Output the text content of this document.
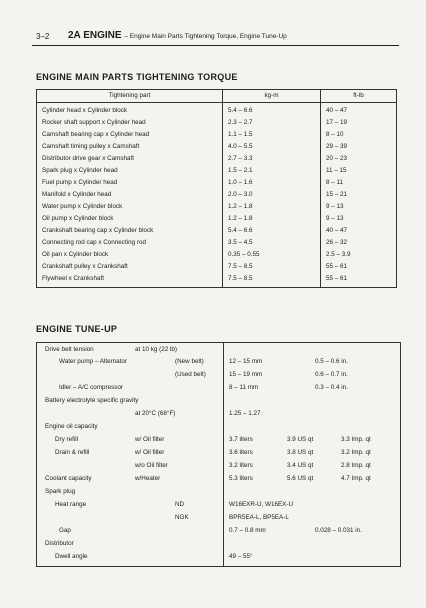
3–2 2A ENGINE – Engine Main Parts Tightening Torque, Engine Tune-Up
ENGINE MAIN PARTS TIGHTENING TORQUE
Tightening part	kg-m	ft-lb
Cylinder head x Cylinder block	5.4 – 6.6	40 – 47
Rocker shaft support x Cylinder head	2.3 – 2.7	17 – 19
Camshaft bearing cap x Cylinder head	1.1 – 1.5	8 – 10
Camshaft timing pulley x Camshaft	4.0 – 5.5	29 – 39
Distributor drive gear x Camshaft	2.7 – 3.3	20 – 23
Spark plug x Cylinder head	1.5 – 2.1	11 – 15
Fuel pump x Cylinder head	1.0 – 1.6	8 – 11
Manifold x Cylinder head	2.0 – 3.0	15 – 21
Water pump x Cylinder block	1.2 – 1.8	9 – 13
Oil pump x Cylinder block	1.2 – 1.8	9 – 13
Crankshaft bearing cap x Cylinder block	5.4 – 6.6	40 – 47
Connecting rod cap x Connecting rod	3.5 – 4.5	26 – 32
Oil pan x Cylinder block	0.35 – 0.55	2.5 – 3.9
Crankshaft pulley x Crankshaft	7.5 – 8.5	55 – 61
Flywheel x Crankshaft	7.5 – 8.5	55 – 61
ENGINE TUNE-UP
Drive belt tension	at 10 kg (22 lb)
Water pump – Alternator	(New belt)	12 – 15 mm	0.5 – 0.6 in.
(Used belt)	15 – 19 mm	0.6 – 0.7 in.
Idler – A/C compressor	8 – 11 mm	0.3 – 0.4 in.
Battery electrolyte specific gravity
at 20°C (68°F)	1.25 – 1.27
Engine oil capacity
Dry refill	w/ Oil filter	3.7 liters	3.9 US qt	3.3 Imp. qt
Drain & refill	w/ Oil filter	3.6 liters	3.8 US qt	3.2 Imp. qt
w/o Oil filter	3.2 liters	3.4 US qt	2.8 Imp. qt
Coolant capacity	w/Heater	5.3 liters	5.6 US qt	4.7 Imp. qt
Spark plug
Heat range	ND	W16EXR-U, W16EX-U
NGK	BPR5EA-L, BP5EA-L
Gap	0.7 – 0.8 mm	0.028 – 0.031 in.
Distributor
Dwell angle	49 – 55°
